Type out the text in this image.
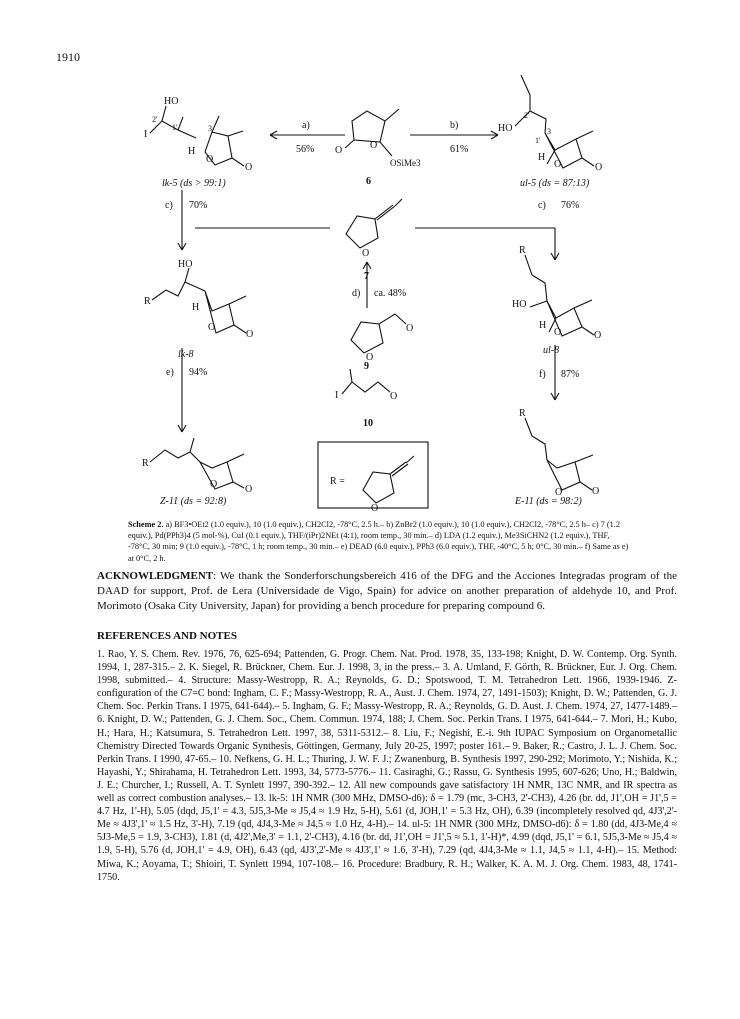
1910
I
2'
HO
1'	3
H
O
O
lk-5 (ds > 99:1)
O	O
OSiMe3
6
2'
3
1'
HO
H
O	O
ul-5 (ds = 87:13)
O
7
R
HO
H
O
O
lk-8
R
HO
H
O	O
ul-8
O
O
9
I	O
10
R
O	O
Z-11 (ds = 92:8)
R
O	O
E-11 (ds = 98:2)
R =
O
a)
56%
b)
61%
c) 70%	c) 76%
d) ca. 48%
e) 94%	f) 87%
Scheme 2. a) BF3•OEt2 (1.0 equiv.), 10 (1.0 equiv.), CH2Cl2, -78°C, 2.5 h.– b) ZnBr2 (1.0 equiv.), 10 (1.0 equiv.), CH2Cl2, -78°C, 2.5 h– c) 7 (1.2 equiv.), Pd(PPh3)4 (5 mol-%), CuI (0.1 equiv.), THF/(iPr)2NEt (4:1), room temp., 30 min.– d) LDA (1.2 equiv.), Me3SiCHN2 (1.2 equiv.), THF, -78°C, 30 min; 9 (1.0 equiv.), -78°C, 1 h; room temp., 30 min.– e) DEAD (6.0 equiv.), PPh3 (6.0 equiv.), THF, -40°C, 5 h; 0°C, 30 min.– f) Same as e) at 0°C, 2 h.
ACKNOWLEDGMENT: We thank the Sonderforschungsbereich 416 of the DFG and the Acciones Integradas program of the DAAD for support, Prof. de Lera (Universidade de Vigo, Spain) for advice on another preparation of aldehyde 10, and Prof. Morimoto (Osaka City University, Japan) for providing a bench procedure for preparing compound 6.
REFERENCES AND NOTES
1. Rao, Y. S. Chem. Rev. 1976, 76, 625-694; Pattenden, G. Progr. Chem. Nat. Prod. 1978, 35, 133-198; Knight, D. W. Contemp. Org. Synth. 1994, 1, 287-315.– 2. K. Siegel, R. Brückner, Chem. Eur. J. 1998, 3, in the press.– 3. A. Umland, F. Görth, R. Brückner, Eur. J. Org. Chem. 1998, submitted.– 4. Structure: Massy-Westropp, R. A.; Reynolds, G. D.; Spotswood, T. M. Tetrahedron Lett. 1966, 1939-1946. Z-configuration of the C7=C bond: Ingham, C. F.; Massy-Westropp, R. A., Aust. J. Chem. 1974, 27, 1491-1503); Knight, D. W.; Pattenden, G. J. Chem. Soc. Perkin Trans. I 1975, 641-644).– 5. Ingham, G. F.; Massy-Westropp, R. A.; Reynolds, G. D. Aust. J. Chem. 1974, 27, 1477-1489.– 6. Knight, D. W.; Pattenden, G. J. Chem. Soc., Chem. Commun. 1974, 188; J. Chem. Soc. Perkin Trans. I 1975, 641-644.– 7. Mori, H.; Kubo, H.; Hara, H.; Katsumura, S. Tetrahedron Lett. 1997, 38, 5311-5312.– 8. Liu, F.; Negishi, E.-i. 9th IUPAC Symposium on Organometallic Chemistry Directed Towards Organic Synthesis, Göttingen, Germany, July 20-25, 1997; poster 161.– 9. Baker, R.; Castro, J. L. J. Chem. Soc. Perkin Trans. I 1990, 47-65.– 10. Nefkens, G. H. L.; Thuring, J. W. F. J.; Zwanenburg, B. Synthesis 1997, 290-292; Morimoto, Y.; Nishida, K.; Hayashi, Y.; Shirahama, H. Tetrahedron Lett. 1993, 34, 5773-5776.– 11. Casiraghi, G.; Rassu, G. Synthesis 1995, 607-626; Uno, H.; Baldwin, J. E.; Churcher, I.; Russell, A. T. Synlett 1997, 390-392.– 12. All new compounds gave satisfactory 1H NMR, 13C NMR, and IR spectra as well as correct combustion analyses.– 13. lk-5: 1H NMR (300 MHz, DMSO-d6): δ = 1.79 (mc, 3-CH3, 2'-CH3), 4.26 (br. dd, J1',OH = J1',5 = 4.7 Hz, 1'-H), 5.05 (dqd, J5,1' = 4.3, 5J5,3-Me ≈ J5,4 ≈ 1.9 Hz, 5-H), 5.61 (d, JOH,1' = 5.3 Hz, OH), 6.39 (incompletely resolved qd, 4J3',2'-Me ≈ 4J3',1' ≈ 1.5 Hz, 3'-H), 7.19 (qd, 4J4,3-Me ≈ J4,5 ≈ 1.0 Hz, 4-H).– 14. ul-5: 1H NMR (300 MHz, DMSO-d6): δ = 1.80 (dd, 4J3-Me,4 ≈ 5J3-Me,5 = 1.9, 3-CH3), 1.81 (d, 4J2',Me,3' = 1.1, 2'-CH3), 4.16 (br. dd, J1',OH = J1',5 ≈ 5.1, 1'-H)*, 4.99 (dqd, J5,1' = 6.1, 5J5,3-Me ≈ J5,4 ≈ 1.9, 5-H), 5.76 (d, JOH,1' = 4.9, OH), 6.43 (qd, 4J3',2'-Me ≈ 4J3',1' ≈ 1.6, 3'-H), 7.29 (qd, 4J4,3-Me ≈ 1.1, J4,5 ≈ 1.1, 4-H).– 15. Method: Miwa, K.; Aoyama, T.; Shioiri, T. Synlett 1994, 107-108.– 16. Procedure: Bradbury, R. H.; Walker, K. A. M. J. Org. Chem. 1983, 48, 1741-1750.
